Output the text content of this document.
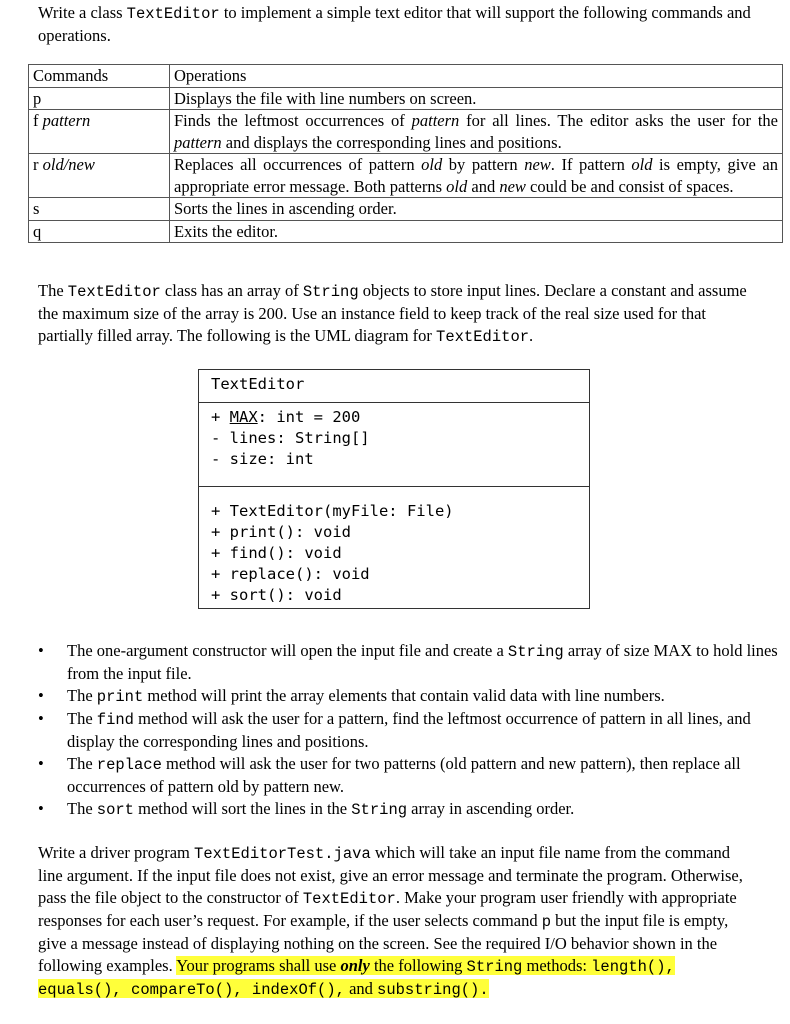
Write a class TextEditor to implement a simple text editor that will support the following commands and operations.

Commands	Operations
p	Displays the file with line numbers on screen.
f pattern	Finds the leftmost occurrences of pattern for all lines. The editor asks the user for the pattern and displays the corresponding lines and positions.
r old/new	Replaces all occurrences of pattern old by pattern new. If pattern old is empty, give an appropriate error message. Both patterns old and new could be and consist of spaces.
s	Sorts the lines in ascending order.
q	Exits the editor.

The TextEditor class has an array of String objects to store input lines. Declare a constant and assume the maximum size of the array is 200. Use an instance field to keep track of the real size used for that partially filled array. The following is the UML diagram for TextEditor.

TextEditor
+ MAX: int = 200
- lines: String[]
- size: int
+ TextEditor(myFile: File)
+ print(): void
+ find(): void
+ replace(): void
+ sort(): void
• The one-argument constructor will open the input file and create a String array of size MAX to hold lines from the input file.
• The print method will print the array elements that contain valid data with line numbers.
• The find method will ask the user for a pattern, find the leftmost occurrence of pattern in all lines, and display the corresponding lines and positions.
• The replace method will ask the user for two patterns (old pattern and new pattern), then replace all occurrences of pattern old by pattern new.
• The sort method will sort the lines in the String array in ascending order.

Write a driver program TextEditorTest.java which will take an input file name from the command line argument. If the input file does not exist, give an error message and terminate the program. Otherwise, pass the file object to the constructor of TextEditor. Make your program user friendly with appropriate responses for each user’s request. For example, if the user selects command p but the input file is empty, give a message instead of displaying nothing on the screen. See the required I/O behavior shown in the following examples. Your programs shall use only the following String methods: length(), equals(), compareTo(), indexOf(), and substring().
